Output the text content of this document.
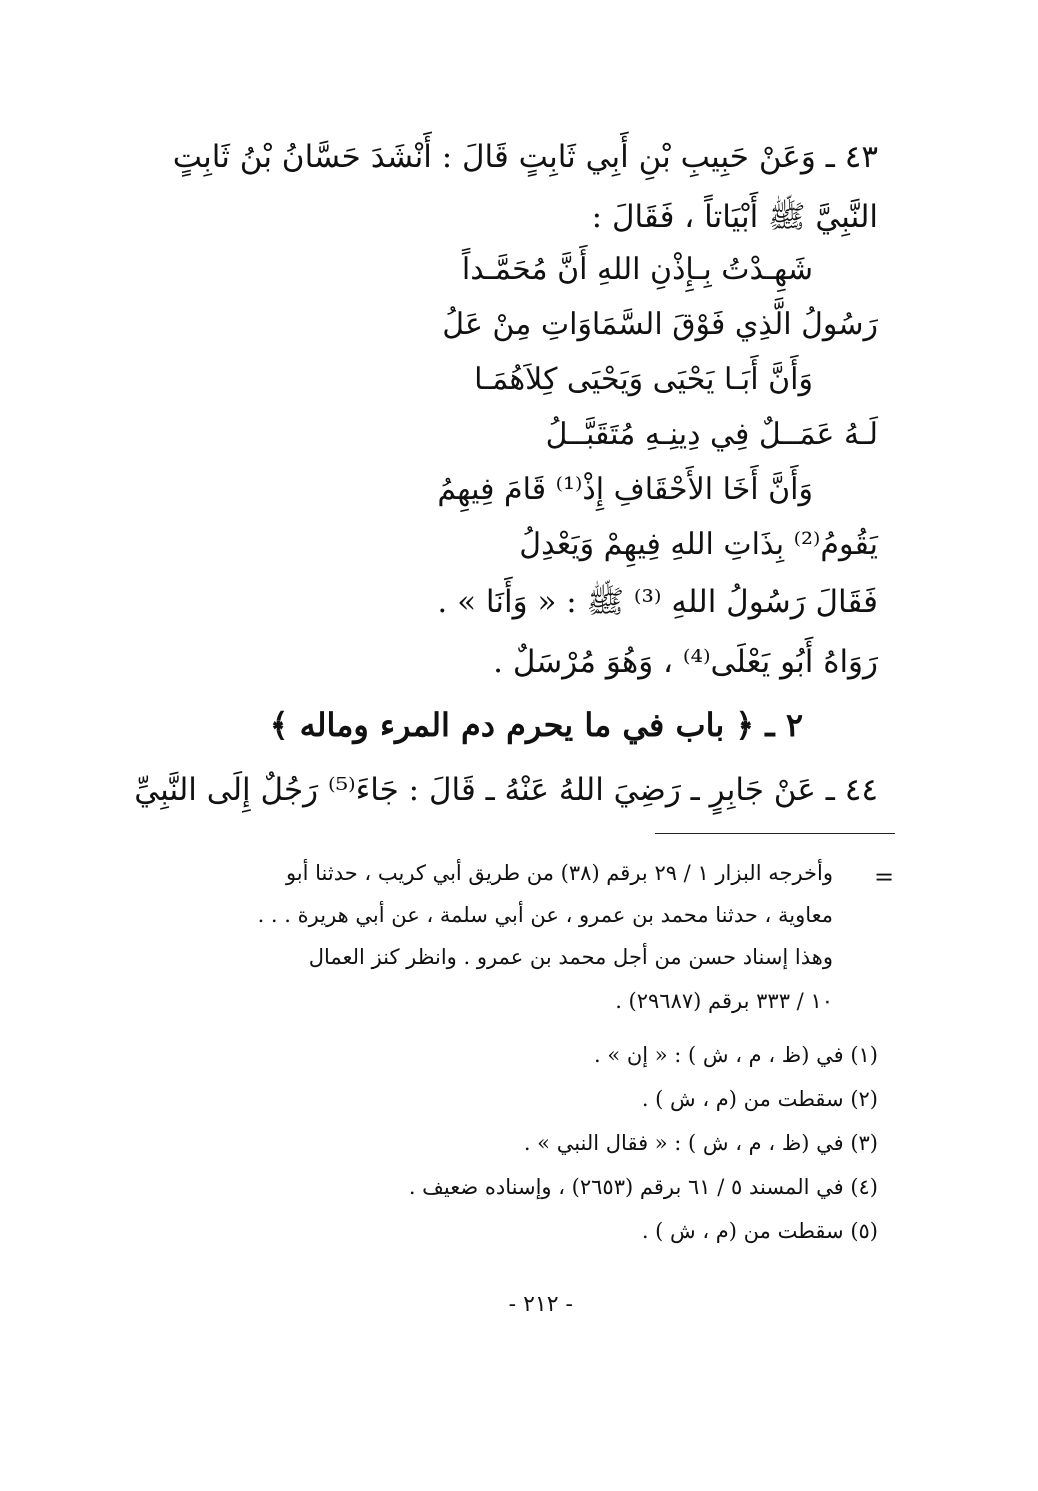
٤٣ ـ وَعَنْ حَبِيبِ بْنِ أَبِي ثَابِتٍ قَالَ : أَنْشَدَ حَسَّانُ بْنُ ثَابِتٍ
النَّبِيَّ ﷺ أَبْيَاتاً ، فَقَالَ :
شَهِـدْتُ بِـإِذْنِ اللهِ أَنَّ مُحَمَّـداً
رَسُولُ الَّذِي فَوْقَ السَّمَاوَاتِ مِنْ عَلُ
وَأَنَّ أَبَـا يَحْيَى وَيَحْيَى كِلاَهُمَـا
لَـهُ عَمَــلٌ فِي دِينِـهِ مُتَقَبَّــلُ
وَأَنَّ أَخَا الأَحْقَافِ إِذْ⁽¹⁾ قَامَ فِيهِمُ
يَقُومُ⁽²⁾ بِذَاتِ اللهِ فِيهِمْ وَيَعْدِلُ
فَقَالَ رَسُولُ اللهِ ⁽³⁾ ﷺ : « وَأَنَا » .
رَوَاهُ أَبُو يَعْلَى⁽⁴⁾ ، وَهُوَ مُرْسَلٌ .
٢ ـ ﴿ باب في ما يحرم دم المرء وماله ﴾
٤٤ ـ عَنْ جَابِرٍ ـ رَضِيَ اللهُ عَنْهُ ـ قَالَ : جَاءَ⁽⁵⁾ رَجُلٌ إِلَى النَّبِيِّ
=
وأخرجه البزار ١ / ٢٩ برقم (٣٨) من طريق أبي كريب ، حدثنا أبو
معاوية ، حدثنا محمد بن عمرو ، عن أبي سلمة ، عن أبي هريرة . . .
وهذا إسناد حسن من أجل محمد بن عمرو . وانظر كنز العمال
١٠ / ٣٣٣ برقم (٢٩٦٨٧) .
(١) في (ظ ، م ، ش ) : « إن » .
(٢) سقطت من (م ، ش ) .
(٣) في (ظ ، م ، ش ) : « فقال النبي » .
(٤) في المسند ٥ / ٦١ برقم (٢٦٥٣) ، وإسناده ضعيف .
(٥) سقطت من (م ، ش ) .
- ٢١٢ -
